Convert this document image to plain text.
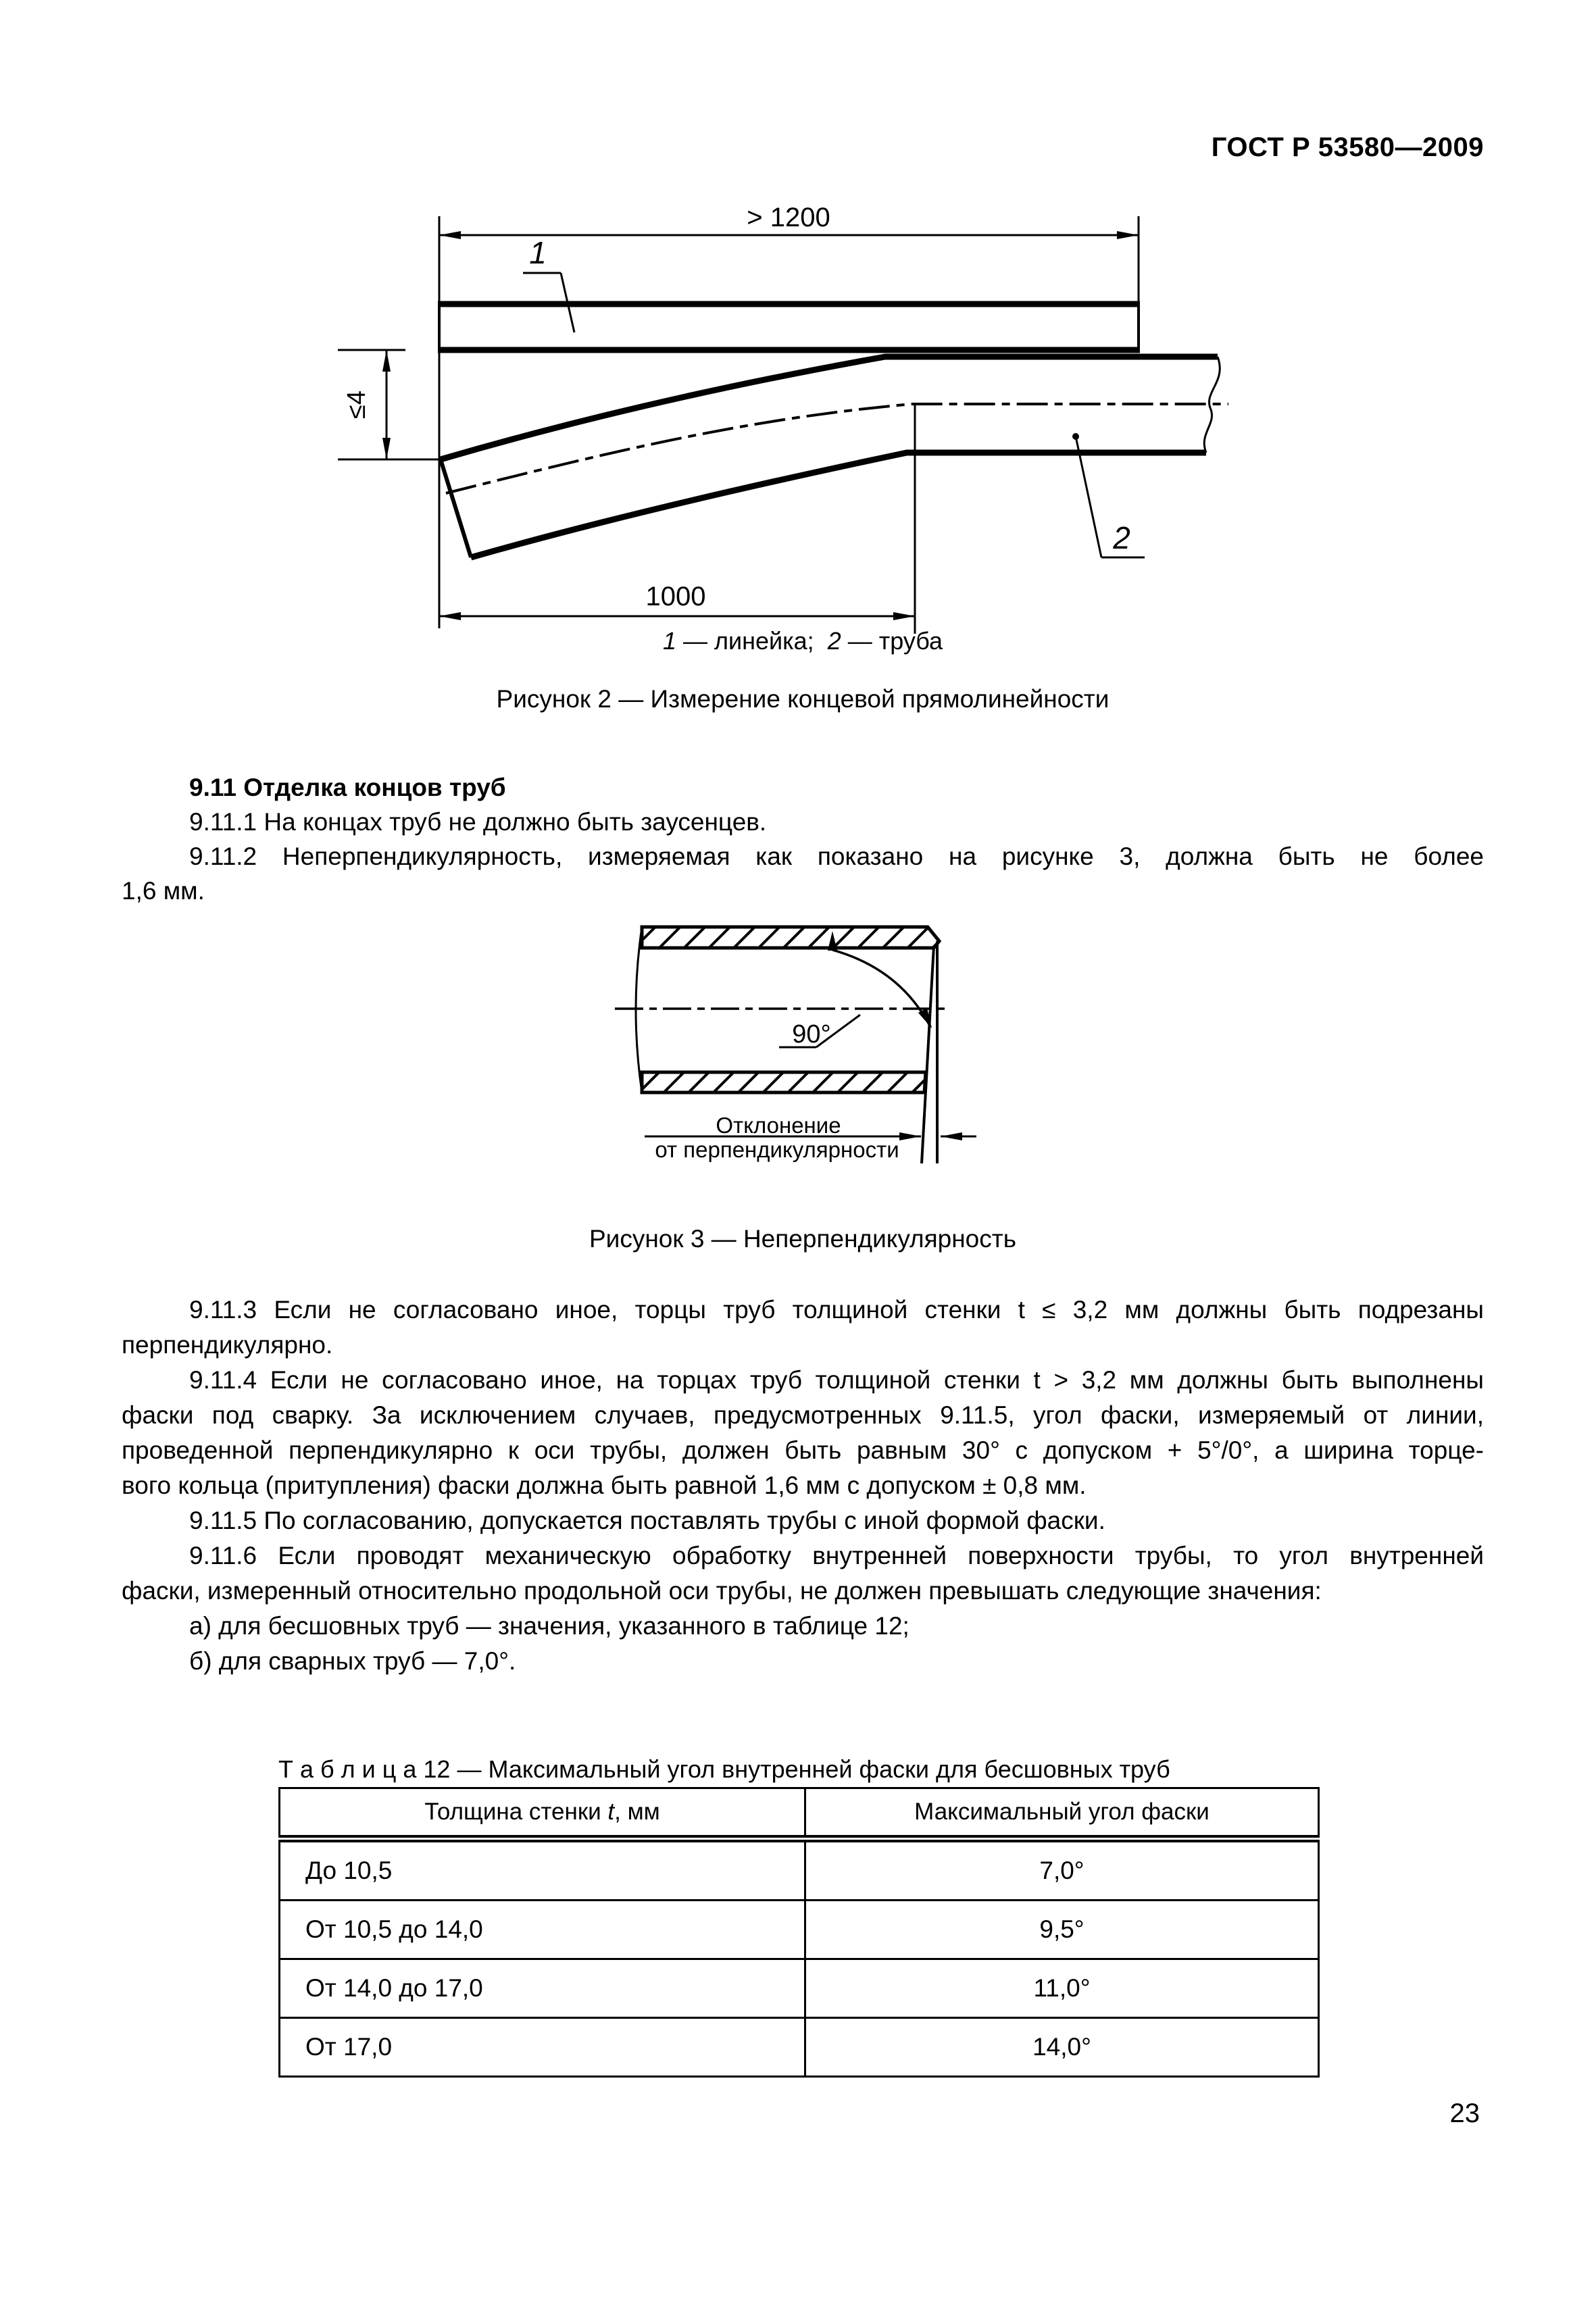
ГОСТ Р 53580—2009
> 1200
1
≤4
2
1000
1 — линейка;  2 — труба
Рисунок 2 — Измерение концевой прямолинейности
9.11 Отделка концов труб
9.11.1 На концах труб не должно быть заусенцев.
9.11.2 Неперпендикулярность, измеряемая как показано на рисунке 3, должна быть не более
1,6 мм.
90°
Отклонение
от перпендикулярности
Рисунок 3 — Неперпендикулярность
9.11.3 Если не согласовано иное, торцы труб толщиной стенки t ≤ 3,2 мм должны быть подрезаны
перпендикулярно.
9.11.4 Если не согласовано иное, на торцах труб толщиной стенки t > 3,2 мм должны быть выполнены
фаски под сварку. За исключением случаев, предусмотренных 9.11.5, угол фаски, измеряемый от линии,
проведенной перпендикулярно к оси трубы, должен быть равным 30° с допуском + 5°/0°, а ширина торце-
вого кольца (притупления) фаски должна быть равной 1,6 мм с допуском ± 0,8 мм.
9.11.5 По согласованию, допускается поставлять трубы с иной формой фаски.
9.11.6 Если проводят механическую обработку внутренней поверхности трубы, то угол внутренней
фаски, измеренный относительно продольной оси трубы, не должен превышать следующие значения:
а) для бесшовных труб — значения, указанного в таблице 12;
б) для сварных труб — 7,0°.
Т а б л и ц а 12 — Максимальный угол внутренней фаски для бесшовных труб
Толщина стенки t, мм	Максимальный угол фаски
До 10,5	7,0°
От 10,5 до 14,0	9,5°
От 14,0 до 17,0	11,0°
От 17,0	14,0°
23
